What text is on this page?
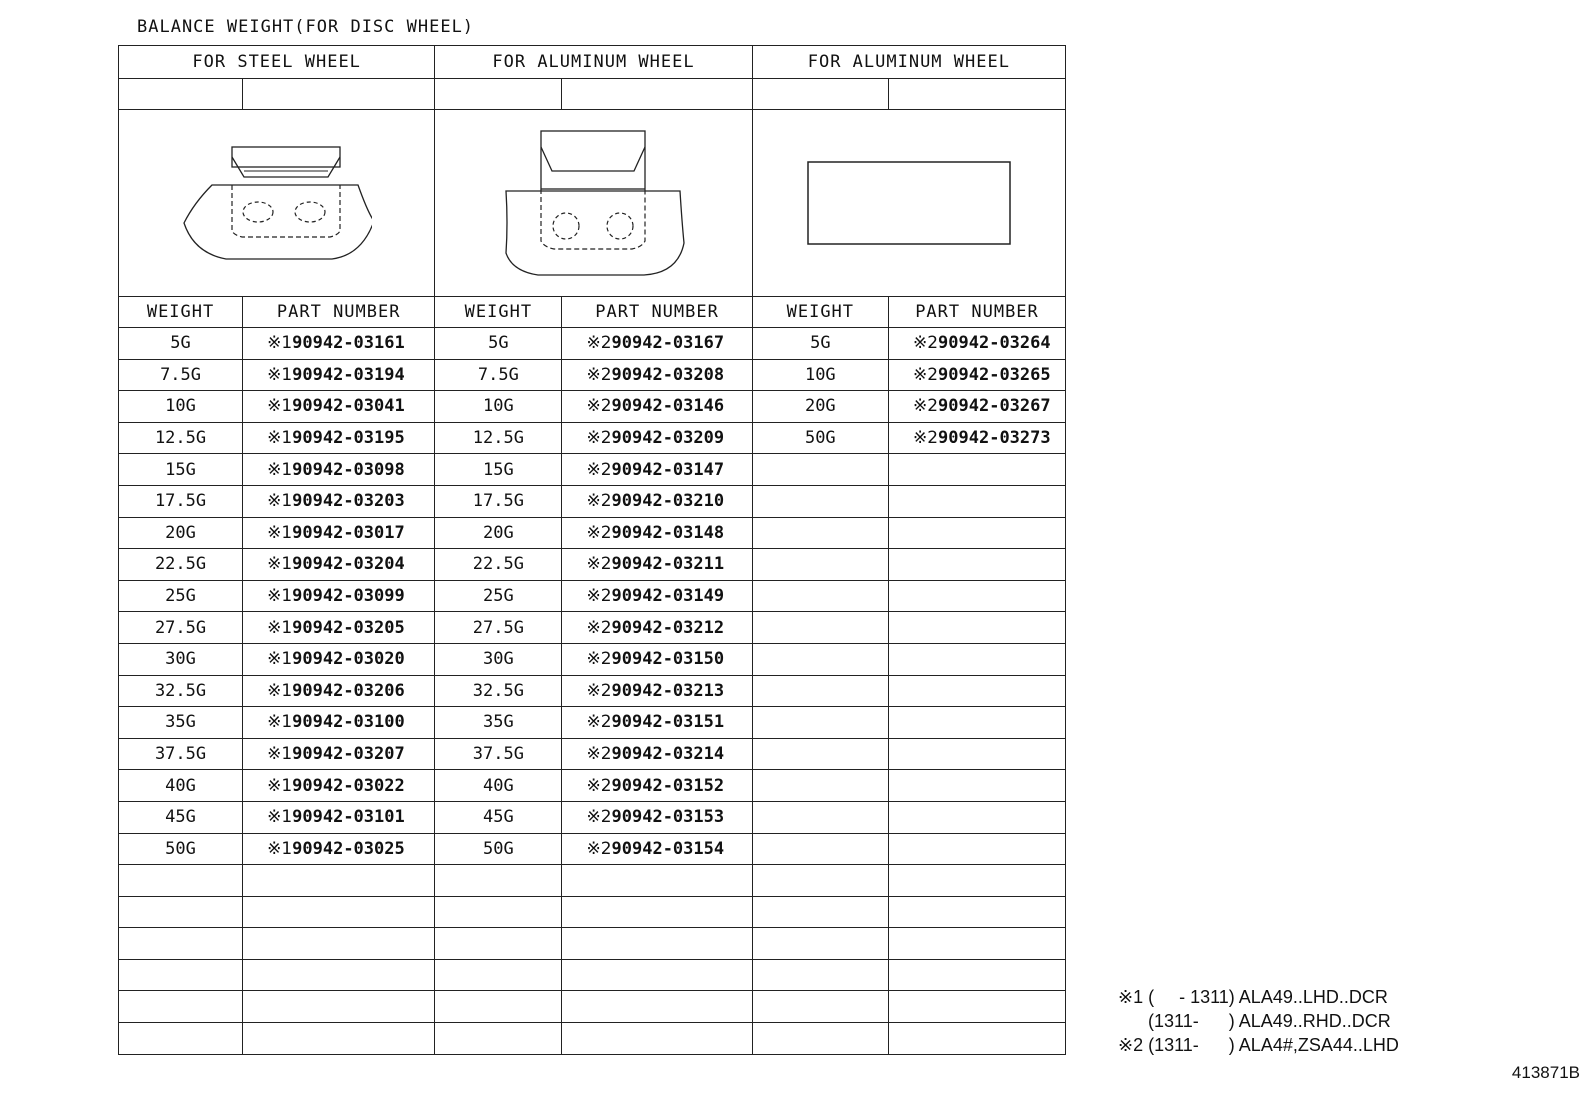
BALANCE WEIGHT(FOR DISC WHEEL)
FOR STEEL WHEEL		FOR ALUMINUM WHEEL		FOR ALUMINUM WHEEL	

WEIGHT	PART NUMBER	WEIGHT	PART NUMBER	WEIGHT	PART NUMBER
5G	※190942-03161	5G	※290942-03167	5G	※290942-03264
7.5G	※190942-03194	7.5G	※290942-03208	10G	※290942-03265
10G	※190942-03041	10G	※290942-03146	20G	※290942-03267
12.5G	※190942-03195	12.5G	※290942-03209	50G	※290942-03273
15G	※190942-03098	15G	※290942-03147		
17.5G	※190942-03203	17.5G	※290942-03210		
20G	※190942-03017	20G	※290942-03148		
22.5G	※190942-03204	22.5G	※290942-03211		
25G	※190942-03099	25G	※290942-03149		
27.5G	※190942-03205	27.5G	※290942-03212		
30G	※190942-03020	30G	※290942-03150		
32.5G	※190942-03206	32.5G	※290942-03213		
35G	※190942-03100	35G	※290942-03151		
37.5G	※190942-03207	37.5G	※290942-03214		
40G	※190942-03022	40G	※290942-03152		
45G	※190942-03101	45G	※290942-03153		
50G	※190942-03025	50G	※290942-03154		

※1 (     - 1311) ALA49..LHD..DCR
(1311-      ) ALA49..RHD..DCR
※2 (1311-      ) ALA4#,ZSA44..LHD
413871B
